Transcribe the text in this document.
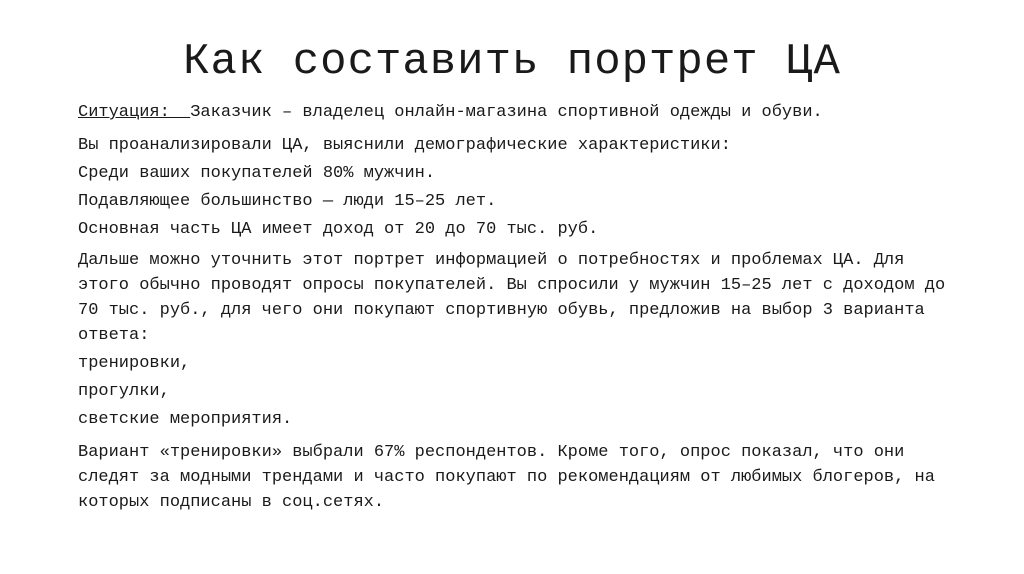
Как составить портрет ЦА

Ситуация:  Заказчик – владелец онлайн-магазина спортивной одежды и обуви.

Вы проанализировали ЦА, выяснили демографические характеристики:

Среди ваших покупателей 80% мужчин.

Подавляющее большинство — люди 15–25 лет.

Основная часть ЦА имеет доход от 20 до 70 тыс. руб.

Дальше можно уточнить этот портрет информацией о потребностях и проблемах ЦА. Для этого обычно проводят опросы покупателей. Вы спросили у мужчин 15–25 лет с доходом до 70 тыс. руб., для чего они покупают спортивную обувь, предложив на выбор 3 варианта ответа:

тренировки,

прогулки,

светские мероприятия.

Вариант «тренировки» выбрали 67% респондентов. Кроме того, опрос показал, что они следят за модными трендами и часто покупают по рекомендациям от любимых блогеров, на которых подписаны в соц.сетях.
